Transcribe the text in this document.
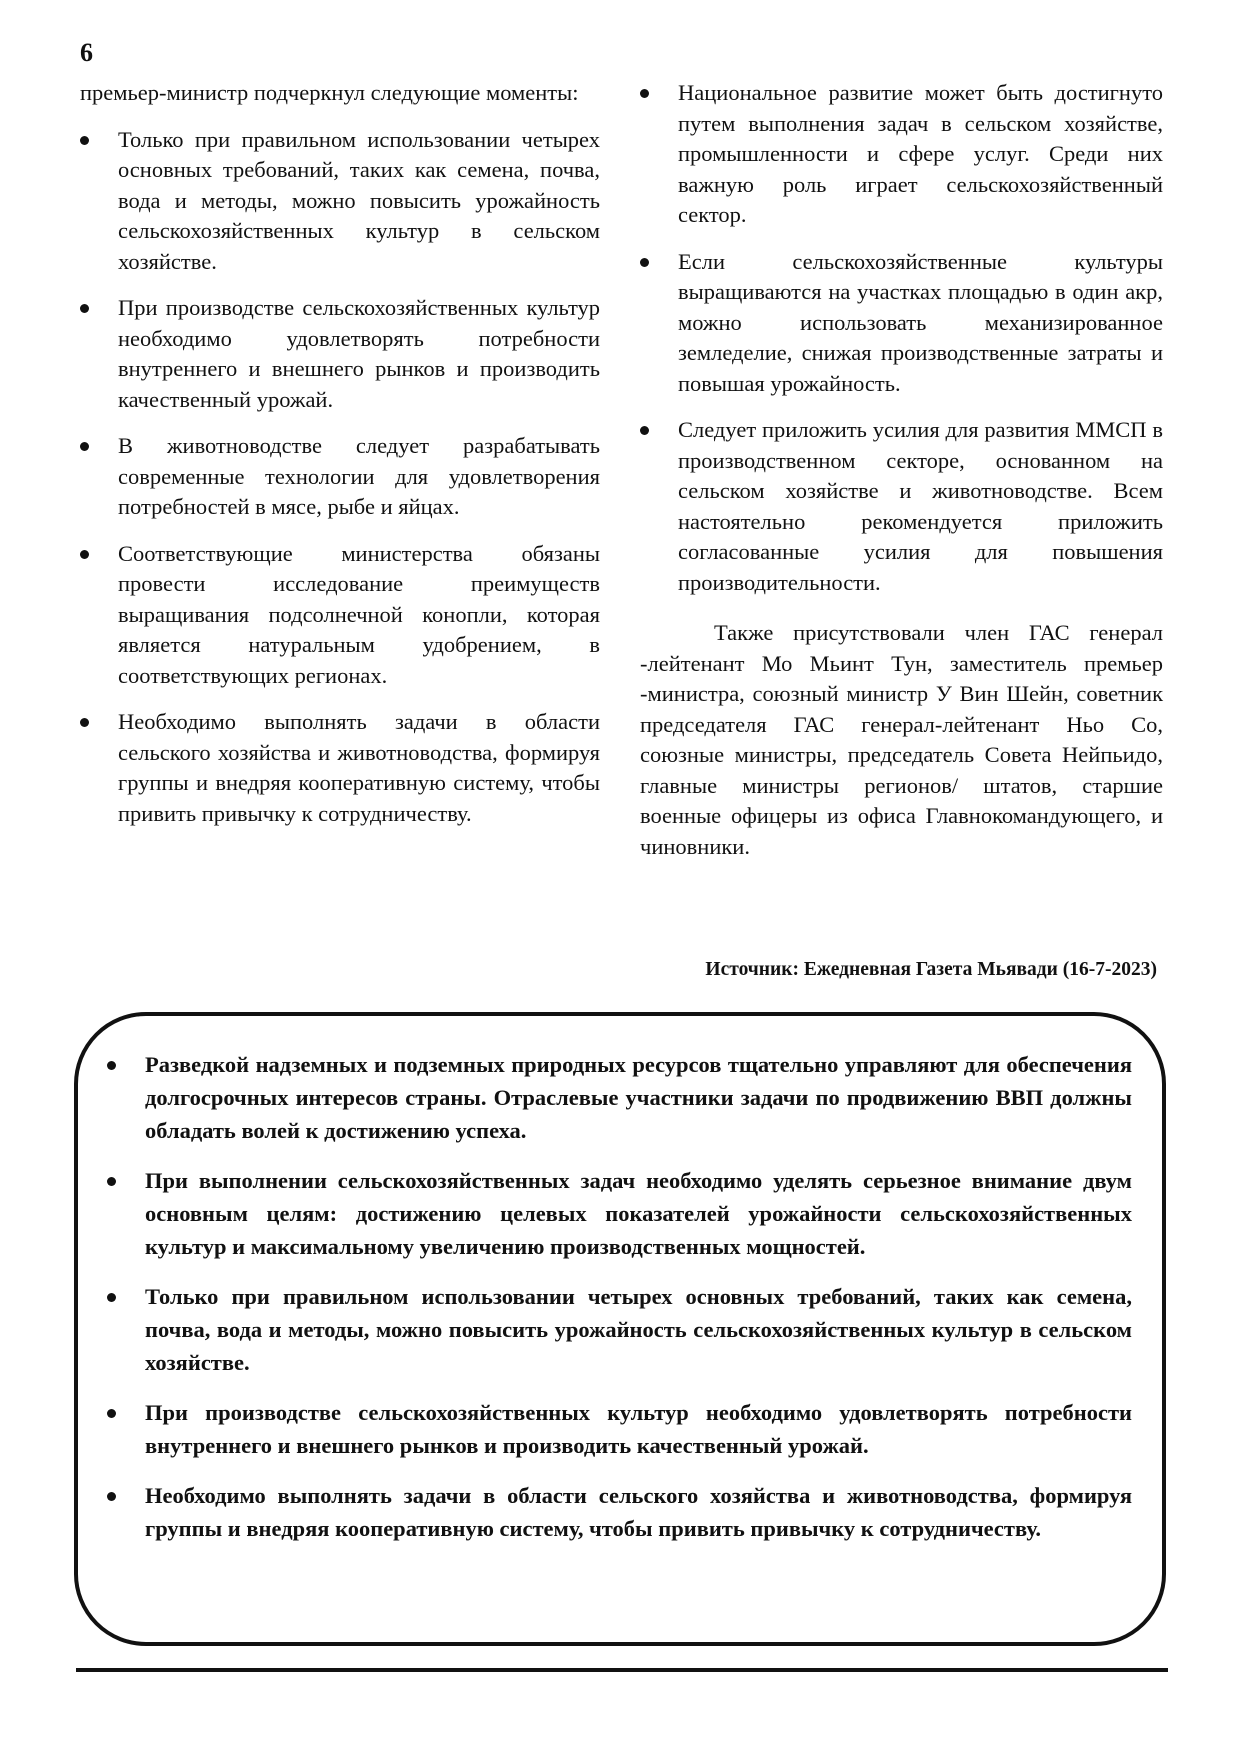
6

премьер-министр подчеркнул следующие моменты:

Только при правильном использовании четырех основных требований, таких как семена, почва, вода и методы, можно повысить урожайность сельскохозяйственных культур в сельском хозяйстве.
При производстве сельскохозяйственных культур необходимо удовлетворять потребности внутреннего и внешнего рынков и производить качественный урожай.
В животноводстве следует разрабатывать современные технологии для удовлетворения потребностей в мясе, рыбе и яйцах.
Соответствующие министерства обязаны провести исследование преимуществ выращивания подсолнечной конопли, которая является натуральным удобрением, в соответствующих регионах.
Необходимо выполнять задачи в области сельского хозяйства и животноводства, формируя группы и внедряя кооперативную систему, чтобы привить привычку к сотрудничеству.
Национальное развитие может быть достигнуто путем выполнения задач в сельском хозяйстве, промышленности и сфере услуг. Среди них важную роль играет сельскохозяйственный сектор.
Если сельскохозяйственные культуры выращиваются на участках площадью в один акр, можно использовать механизированное земледелие, снижая производственные затраты и повышая урожайность.
Следует приложить усилия для развития ММСП в производственном секторе, основанном на сельском хозяйстве и животноводстве. Всем настоятельно рекомендуется приложить согласованные усилия для повышения производительности.

Также присутствовали член ГАС генерал -лейтенант Мо Мьинт Тун, заместитель премьер -министра, союзный министр У Вин Шейн, советник председателя ГАС генерал-лейтенант Ньо Со, союзные министры, председатель Совета Нейпьидо, главные министры регионов/ штатов, старшие военные офицеры из офиса Главнокомандующего, и чиновники.

Источник: Ежедневная Газета Мьявади (16-7-2023)
Разведкой надземных и подземных природных ресурсов тщательно управляют для обеспечения долгосрочных интересов страны. Отраслевые участники задачи по продвижению ВВП должны обладать волей к достижению успеха.
При выполнении сельскохозяйственных задач необходимо уделять серьезное внимание двум основным целям: достижению целевых показателей урожайности сельскохозяйственных культур и максимальному увеличению производственных мощностей.
Только при правильном использовании четырех основных требований, таких как семена, почва, вода и методы, можно повысить урожайность сельскохозяйственных культур в сельском хозяйстве.
При производстве сельскохозяйственных культур необходимо удовлетворять потребности внутреннего и внешнего рынков и производить качественный урожай.
Необходимо выполнять задачи в области сельского хозяйства и животноводства, формируя группы и внедряя кооперативную систему, чтобы привить привычку к сотрудничеству.
